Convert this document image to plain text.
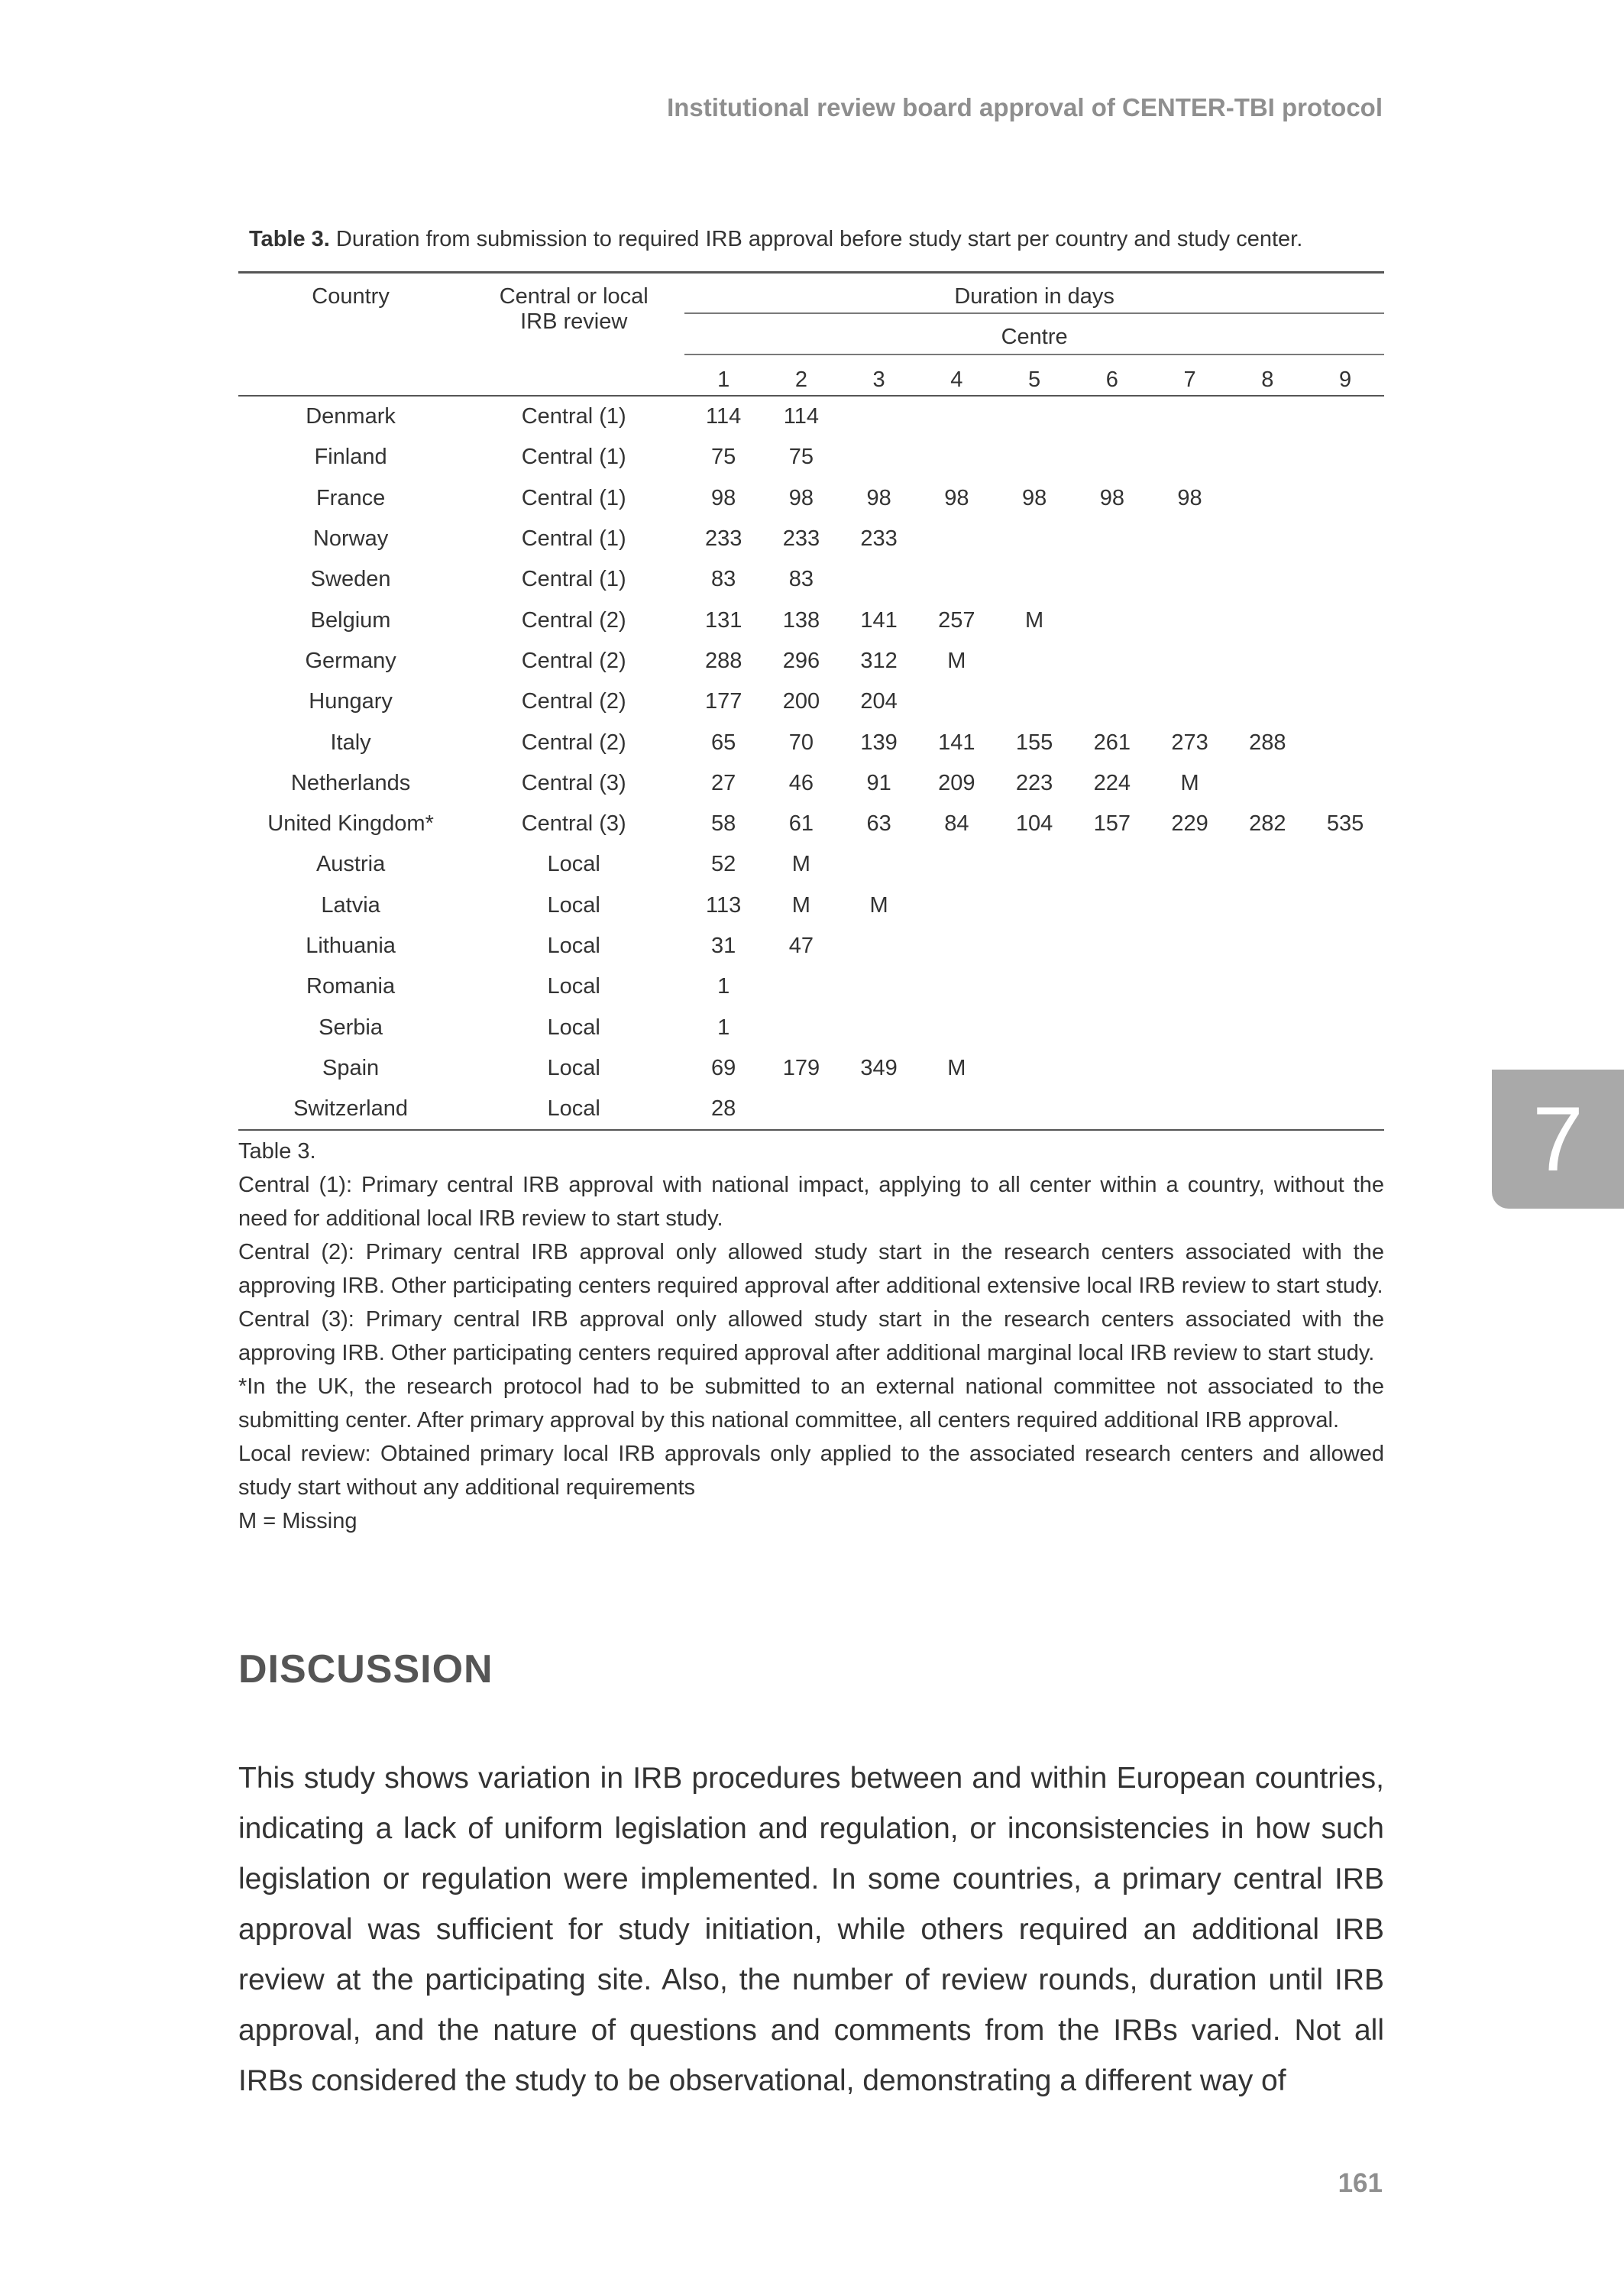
Institutional review board approval of CENTER-TBI protocol
Table 3. Duration from submission to required IRB approval before study start per country and study center.
Country	Central or local IRB review	Duration in days								
		Centre								
		1	2	3	4	5	6	7	8	9
Denmark	Central (1)	114	114							
Finland	Central (1)	75	75							
France	Central (1)	98	98	98	98	98	98	98		
Norway	Central (1)	233	233	233						
Sweden	Central (1)	83	83							
Belgium	Central (2)	131	138	141	257	M				
Germany	Central (2)	288	296	312	M					
Hungary	Central (2)	177	200	204						
Italy	Central (2)	65	70	139	141	155	261	273	288	
Netherlands	Central (3)	27	46	91	209	223	224	M		
United Kingdom*	Central (3)	58	61	63	84	104	157	229	282	535
Austria	Local	52	M							
Latvia	Local	113	M	M						
Lithuania	Local	31	47							
Romania	Local	1								
Serbia	Local	1								
Spain	Local	69	179	349	M					
Switzerland	Local	28								

Table 3.

Central (1): Primary central IRB approval with national impact, applying to all center within a country, without the need for additional local IRB review to start study.

Central (2): Primary central IRB approval only allowed study start in the research centers associated with the approving IRB. Other participating centers required approval after additional extensive local IRB review to start study.

Central (3): Primary central IRB approval only allowed study start in the research centers associated with the approving IRB. Other participating centers required approval after additional marginal local IRB review to start study.

*In the UK, the research protocol had to be submitted to an external national committee not associated to the submitting center. After primary approval by this national committee, all centers required additional IRB approval.

Local review: Obtained primary local IRB approvals only applied to the associated research centers and allowed study start without any additional requirements

M = Missing

7
DISCUSSION

This study shows variation in IRB procedures between and within European countries, indicating a lack of uniform legislation and regulation, or inconsistencies in how such legislation or regulation were implemented. In some countries, a primary central IRB approval was sufficient for study initiation, while others required an additional IRB review at the participating site. Also, the number of review rounds, duration until IRB approval, and the nature of questions and comments from the IRBs varied. Not all IRBs considered the study to be observational, demonstrating a different way of

161
